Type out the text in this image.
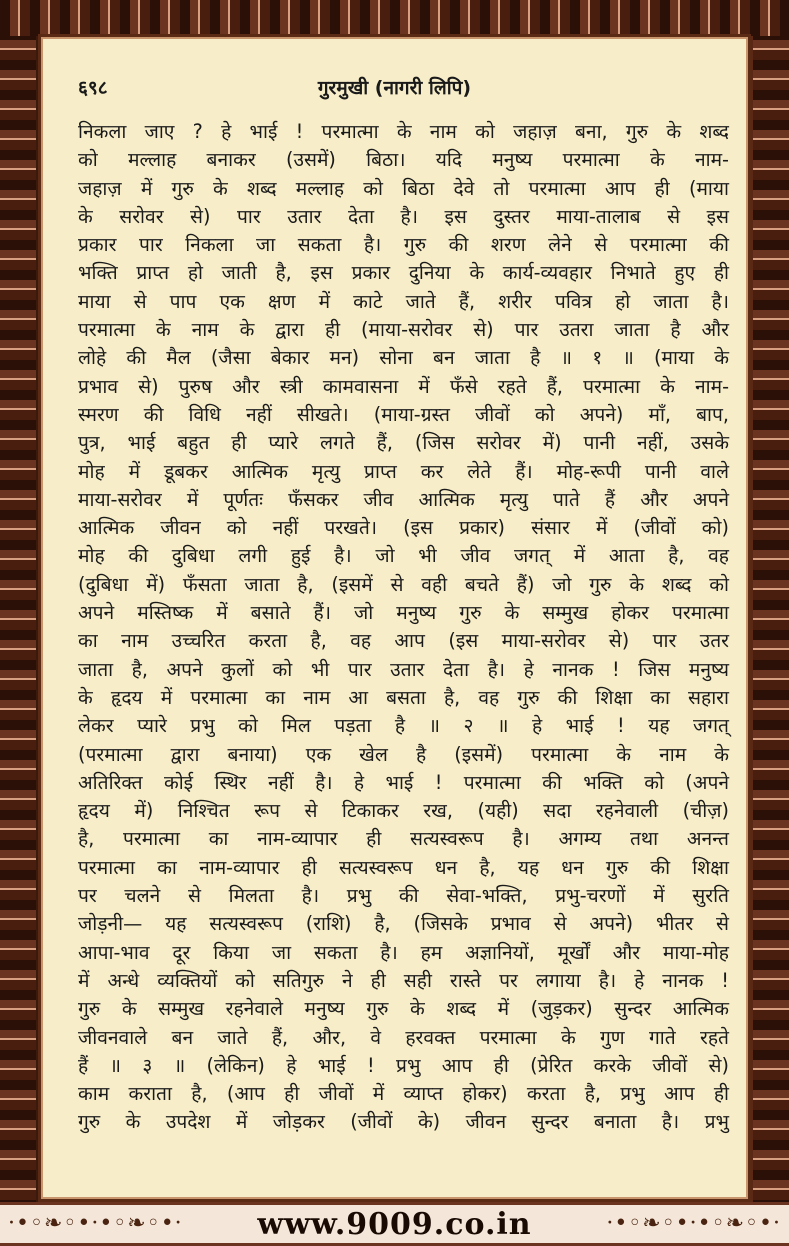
६९८	गुरमुखी (नागरी लिपि)
निकला जाए ? हे भाई ! परमात्मा के नाम को जहाज़ बना, गुरु के शब्द
को मल्लाह बनाकर (उसमें) बिठा। यदि मनुष्य परमात्मा के नाम-
जहाज़ में गुरु के शब्द मल्लाह को बिठा देवे तो परमात्मा आप ही (माया
के सरोवर से) पार उतार देता है। इस दुस्तर माया-तालाब से इस
प्रकार पार निकला जा सकता है। गुरु की शरण लेने से परमात्मा की
भक्ति प्राप्त हो जाती है, इस प्रकार दुनिया के कार्य-व्यवहार निभाते हुए ही
माया से पाप एक क्षण में काटे जाते हैं, शरीर पवित्र हो जाता है।
परमात्मा के नाम के द्वारा ही (माया-सरोवर से) पार उतरा जाता है और
लोहे की मैल (जैसा बेकार मन) सोना बन जाता है ॥ १ ॥ (माया के
प्रभाव से) पुरुष और स्त्री कामवासना में फँसे रहते हैं, परमात्मा के नाम-
स्मरण की विधि नहीं सीखते। (माया-ग्रस्त जीवों को अपने) माँ, बाप,
पुत्र, भाई बहुत ही प्यारे लगते हैं, (जिस सरोवर में) पानी नहीं, उसके
मोह में डूबकर आत्मिक मृत्यु प्राप्त कर लेते हैं। मोह-रूपी पानी वाले
माया-सरोवर में पूर्णतः फँसकर जीव आत्मिक मृत्यु पाते हैं और अपने
आत्मिक जीवन को नहीं परखते। (इस प्रकार) संसार में (जीवों को)
मोह की दुबिधा लगी हुई है। जो भी जीव जगत् में आता है, वह
(दुबिधा में) फँसता जाता है, (इसमें से वही बचते हैं) जो गुरु के शब्द को
अपने मस्तिष्क में बसाते हैं। जो मनुष्य गुरु के सम्मुख होकर परमात्मा
का नाम उच्चरित करता है, वह आप (इस माया-सरोवर से) पार उतर
जाता है, अपने कुलों को भी पार उतार देता है। हे नानक ! जिस मनुष्य
के हृदय में परमात्मा का नाम आ बसता है, वह गुरु की शिक्षा का सहारा
लेकर प्यारे प्रभु को मिल पड़ता है ॥ २ ॥ हे भाई ! यह जगत्
(परमात्मा द्वारा बनाया) एक खेल है (इसमें) परमात्मा के नाम के
अतिरिक्त कोई स्थिर नहीं है। हे भाई ! परमात्मा की भक्ति को (अपने
हृदय में) निश्चित रूप से टिकाकर रख, (यही) सदा रहनेवाली (चीज़)
है, परमात्मा का नाम-व्यापार ही सत्यस्वरूप है। अगम्य तथा अनन्त
परमात्मा का नाम-व्यापार ही सत्यस्वरूप धन है, यह धन गुरु की शिक्षा
पर चलने से मिलता है। प्रभु की सेवा-भक्ति, प्रभु-चरणों में सुरति
जोड़नी— यह सत्यस्वरूप (राशि) है, (जिसके प्रभाव से अपने) भीतर से
आपा-भाव दूर किया जा सकता है। हम अज्ञानियों, मूर्खों और माया-मोह
में अन्धे व्यक्तियों को सतिगुरु ने ही सही रास्ते पर लगाया है। हे नानक !
गुरु के सम्मुख रहनेवाले मनुष्य गुरु के शब्द में (जुड़कर) सुन्दर आत्मिक
जीवनवाले बन जाते हैं, और, वे हरवक्त परमात्मा के गुण गाते रहते
हैं ॥ ३ ॥ (लेकिन) हे भाई ! प्रभु आप ही (प्रेरित करके जीवों से)
काम कराता है, (आप ही जीवों में व्याप्त होकर) करता है, प्रभु आप ही
गुरु के उपदेश में जोड़कर (जीवों के) जीवन सुन्दर बनाता है। प्रभु
·•◦❧◦•·•◦❧◦•·	·•◦❧◦•·•◦❧◦•·
www.9009.co.in
